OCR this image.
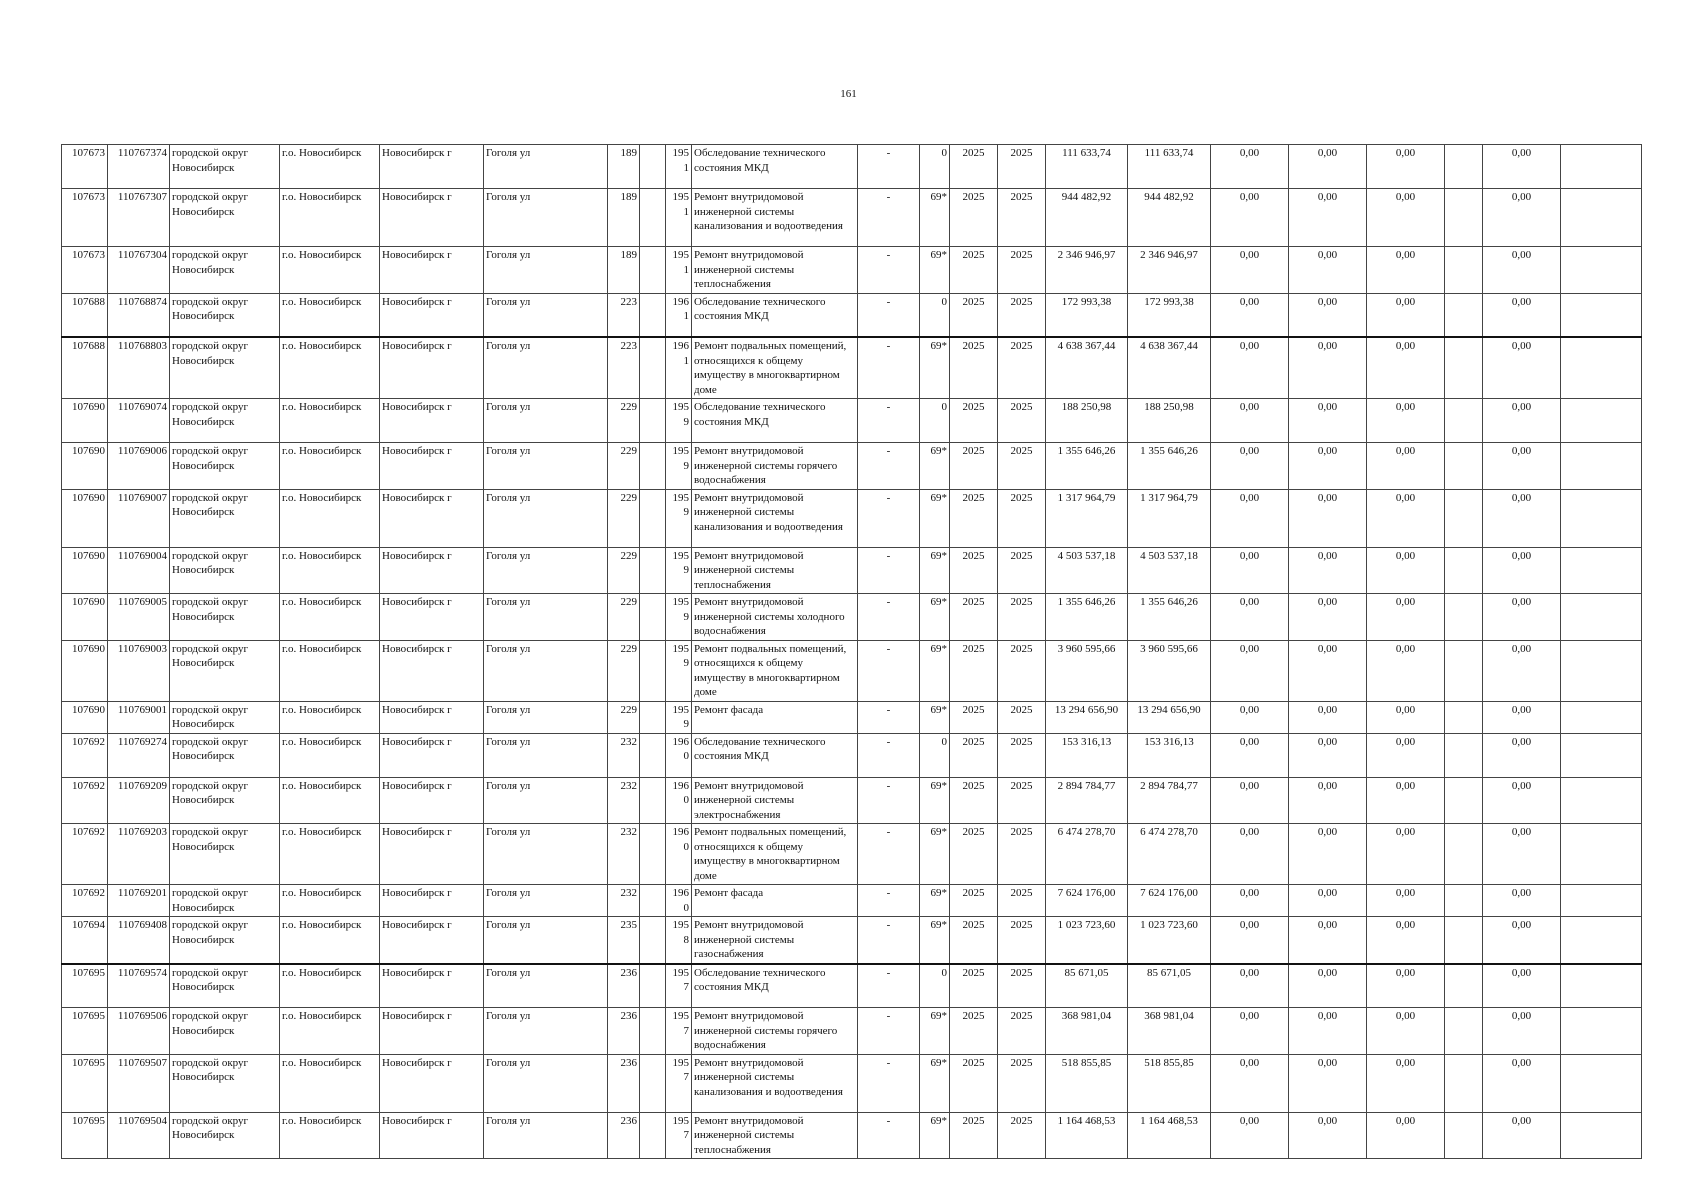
161
107673	110767374	городской округ Новосибирск	г.о. Новосибирск	Новосибирск г	Гоголя ул	189		1951	Обследование технического состояния МКД	-	0	2025	2025	111 633,74	111 633,74	0,00	0,00	0,00		0,00	
107673	110767307	городской округ Новосибирск	г.о. Новосибирск	Новосибирск г	Гоголя ул	189		1951	Ремонт внутридомовой инженерной системы канализования и водоотведения	-	69*	2025	2025	944 482,92	944 482,92	0,00	0,00	0,00		0,00	
107673	110767304	городской округ Новосибирск	г.о. Новосибирск	Новосибирск г	Гоголя ул	189		1951	Ремонт внутридомовой инженерной системы теплоснабжения	-	69*	2025	2025	2 346 946,97	2 346 946,97	0,00	0,00	0,00		0,00	
107688	110768874	городской округ Новосибирск	г.о. Новосибирск	Новосибирск г	Гоголя ул	223		1961	Обследование технического состояния МКД	-	0	2025	2025	172 993,38	172 993,38	0,00	0,00	0,00		0,00	
107688	110768803	городской округ Новосибирск	г.о. Новосибирск	Новосибирск г	Гоголя ул	223		1961	Ремонт подвальных помещений, относящихся к общему имуществу в многоквартирном доме	-	69*	2025	2025	4 638 367,44	4 638 367,44	0,00	0,00	0,00		0,00	
107690	110769074	городской округ Новосибирск	г.о. Новосибирск	Новосибирск г	Гоголя ул	229		1959	Обследование технического состояния МКД	-	0	2025	2025	188 250,98	188 250,98	0,00	0,00	0,00		0,00	
107690	110769006	городской округ Новосибирск	г.о. Новосибирск	Новосибирск г	Гоголя ул	229		1959	Ремонт внутридомовой инженерной системы горячего водоснабжения	-	69*	2025	2025	1 355 646,26	1 355 646,26	0,00	0,00	0,00		0,00	
107690	110769007	городской округ Новосибирск	г.о. Новосибирск	Новосибирск г	Гоголя ул	229		1959	Ремонт внутридомовой инженерной системы канализования и водоотведения	-	69*	2025	2025	1 317 964,79	1 317 964,79	0,00	0,00	0,00		0,00	
107690	110769004	городской округ Новосибирск	г.о. Новосибирск	Новосибирск г	Гоголя ул	229		1959	Ремонт внутридомовой инженерной системы теплоснабжения	-	69*	2025	2025	4 503 537,18	4 503 537,18	0,00	0,00	0,00		0,00	
107690	110769005	городской округ Новосибирск	г.о. Новосибирск	Новосибирск г	Гоголя ул	229		1959	Ремонт внутридомовой инженерной системы холодного водоснабжения	-	69*	2025	2025	1 355 646,26	1 355 646,26	0,00	0,00	0,00		0,00	
107690	110769003	городской округ Новосибирск	г.о. Новосибирск	Новосибирск г	Гоголя ул	229		1959	Ремонт подвальных помещений, относящихся к общему имуществу в многоквартирном доме	-	69*	2025	2025	3 960 595,66	3 960 595,66	0,00	0,00	0,00		0,00	
107690	110769001	городской округ Новосибирск	г.о. Новосибирск	Новосибирск г	Гоголя ул	229		1959	Ремонт фасада	-	69*	2025	2025	13 294 656,90	13 294 656,90	0,00	0,00	0,00		0,00	
107692	110769274	городской округ Новосибирск	г.о. Новосибирск	Новосибирск г	Гоголя ул	232		1960	Обследование технического состояния МКД	-	0	2025	2025	153 316,13	153 316,13	0,00	0,00	0,00		0,00	
107692	110769209	городской округ Новосибирск	г.о. Новосибирск	Новосибирск г	Гоголя ул	232		1960	Ремонт внутридомовой инженерной системы электроснабжения	-	69*	2025	2025	2 894 784,77	2 894 784,77	0,00	0,00	0,00		0,00	
107692	110769203	городской округ Новосибирск	г.о. Новосибирск	Новосибирск г	Гоголя ул	232		1960	Ремонт подвальных помещений, относящихся к общему имуществу в многоквартирном доме	-	69*	2025	2025	6 474 278,70	6 474 278,70	0,00	0,00	0,00		0,00	
107692	110769201	городской округ Новосибирск	г.о. Новосибирск	Новосибирск г	Гоголя ул	232		1960	Ремонт фасада	-	69*	2025	2025	7 624 176,00	7 624 176,00	0,00	0,00	0,00		0,00	
107694	110769408	городской округ Новосибирск	г.о. Новосибирск	Новосибирск г	Гоголя ул	235		1958	Ремонт внутридомовой инженерной системы газоснабжения	-	69*	2025	2025	1 023 723,60	1 023 723,60	0,00	0,00	0,00		0,00	
107695	110769574	городской округ Новосибирск	г.о. Новосибирск	Новосибирск г	Гоголя ул	236		1957	Обследование технического состояния МКД	-	0	2025	2025	85 671,05	85 671,05	0,00	0,00	0,00		0,00	
107695	110769506	городской округ Новосибирск	г.о. Новосибирск	Новосибирск г	Гоголя ул	236		1957	Ремонт внутридомовой инженерной системы горячего водоснабжения	-	69*	2025	2025	368 981,04	368 981,04	0,00	0,00	0,00		0,00	
107695	110769507	городской округ Новосибирск	г.о. Новосибирск	Новосибирск г	Гоголя ул	236		1957	Ремонт внутридомовой инженерной системы канализования и водоотведения	-	69*	2025	2025	518 855,85	518 855,85	0,00	0,00	0,00		0,00	
107695	110769504	городской округ Новосибирск	г.о. Новосибирск	Новосибирск г	Гоголя ул	236		1957	Ремонт внутридомовой инженерной системы теплоснабжения	-	69*	2025	2025	1 164 468,53	1 164 468,53	0,00	0,00	0,00		0,00	
